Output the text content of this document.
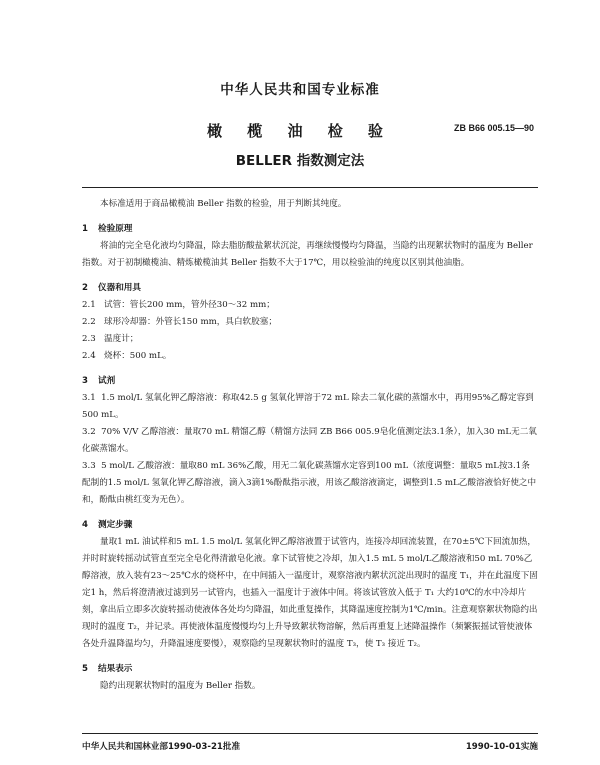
中华人民共和国专业标准
橄 榄 油 检 验
BELLER 指数测定法
ZB B66 005.15—90
本标准适用于商品橄榄油 Beller 指数的检验，用于判断其纯度。
1 检验原理
将油的完全皂化液均匀降温，除去脂肪酸盐絮状沉淀，再继续慢慢均匀降温，当隐约出现絮状物时的温度为 Beller 指数。对于初制橄榄油、精炼橄榄油其 Beller 指数不大于17℃，用以检验油的纯度以区别其他油脂。
2 仪器和用具
2.1 试管：管长200 mm，管外径30～32 mm；
2.2 球形冷却器：外管长150 mm，具白软胶塞；
2.3 温度计；
2.4 烧杯：500 mL。
3 试剂
3.1 1.5 mol/L 氢氧化钾乙醇溶液：称取42.5 g 氢氧化钾溶于72 mL 除去二氧化碳的蒸馏水中，再用95%乙醇定容到500 mL。
3.2 70% V/V 乙醇溶液：量取70 mL 精馏乙醇（精馏方法同 ZB B66 005.9皂化值测定法3.1条），加入30 mL无二氧化碳蒸馏水。
3.3 5 mol/L 乙酸溶液：量取80 mL 36%乙酸，用无二氧化碳蒸馏水定容到100 mL（浓度调整：量取5 mL按3.1条配制的1.5 mol/L 氢氧化钾乙醇溶液，滴入3滴1%酚酞指示液，用该乙酸溶液滴定，调整到1.5 mL乙酸溶液恰好使之中和，酚酞由桃红变为无色）。
4 测定步骤
量取1 mL 油试样和5 mL 1.5 mol/L 氢氧化钾乙醇溶液置于试管内，连接冷却回流装置，在70±5℃下回流加热，并时时旋转摇动试管直至完全皂化得清澈皂化液。拿下试管使之冷却，加入1.5 mL 5 mol/L乙酸溶液和50 mL 70%乙醇溶液，放入装有23～25℃水的烧杯中，在中间插入一温度计，观察溶液内絮状沉淀出现时的温度 T₁，并在此温度下固定1 h，然后将澄清液过滤到另一试管内，也插入一温度计于液体中间。将该试管放入低于 T₁ 大约10℃的水中冷却片刻，拿出后立即多次旋转摇动使液体各处均匀降温，如此重复操作，其降温速度控制为1℃/min。注意观察絮状物隐约出现时的温度 T₂，并记录。再使液体温度慢慢均匀上升导致絮状物溶解，然后再重复上述降温操作（频繁振摇试管使液体各处升温降温均匀，升降温速度要慢），观察隐约呈现絮状物时的温度 T₃，使 T₃ 接近 T₂。
5 结果表示
隐约出现絮状物时的温度为 Beller 指数。
中华人民共和国林业部1990-03-21批准	1990-10-01实施
